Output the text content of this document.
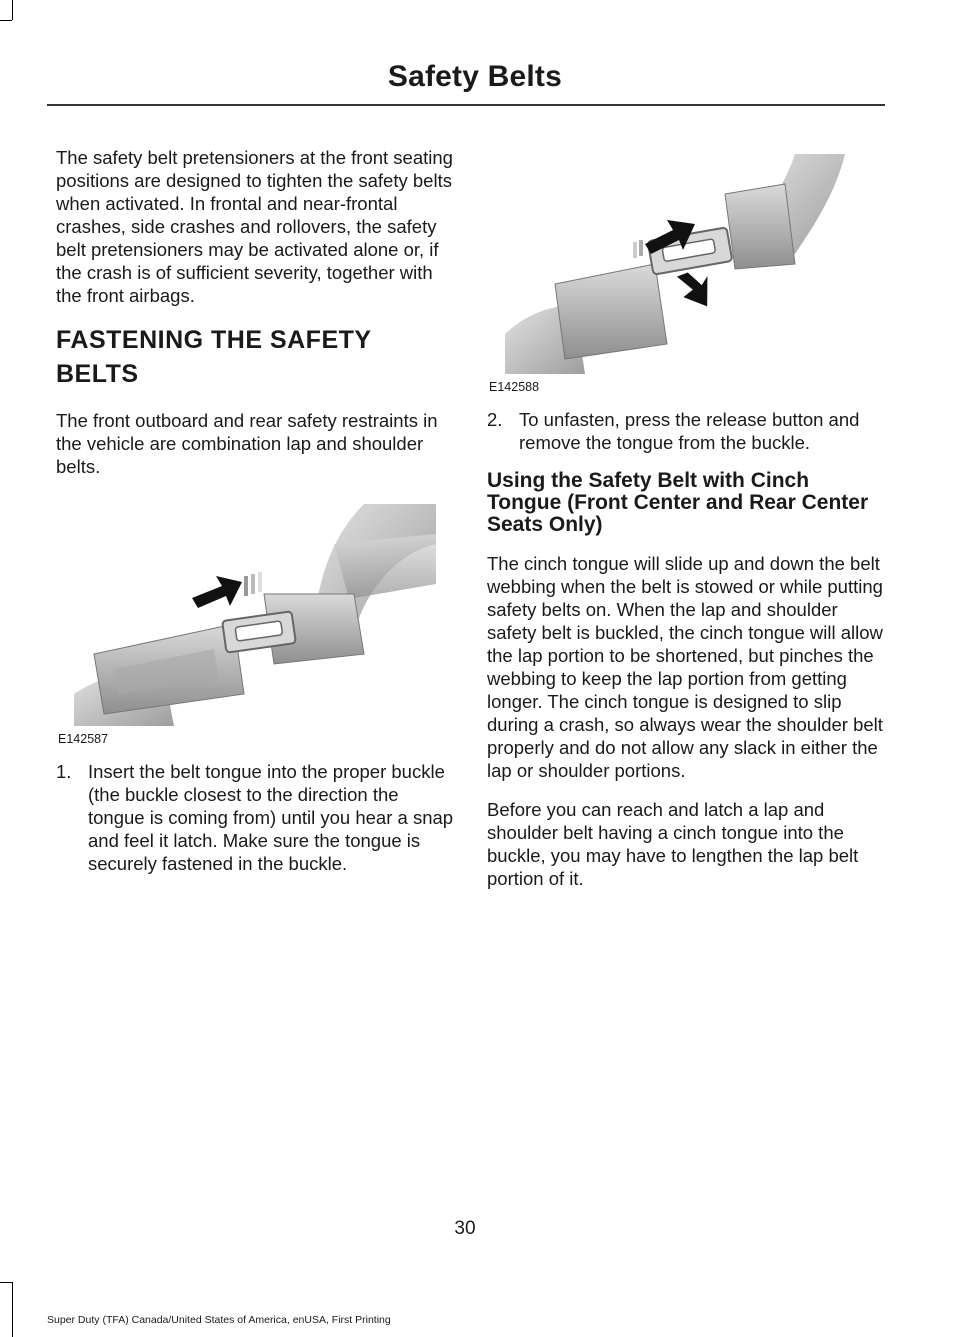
Safety Belts

The safety belt pretensioners at the front seating positions are designed to tighten the safety belts when activated. In frontal and near-frontal crashes, side crashes and rollovers, the safety belt pretensioners may be activated alone or, if the crash is of sufficient severity, together with the front airbags.

FASTENING THE SAFETY
BELTS

The front outboard and rear safety restraints in the vehicle are combination lap and shoulder belts.

E142587
1. Insert the belt tongue into the proper buckle (the buckle closest to the direction the tongue is coming from) until you hear a snap and feel it latch. Make sure the tongue is securely fastened in the buckle.
E142588
2. To unfasten, press the release button and remove the tongue from the buckle.
Using the Safety Belt with Cinch Tongue (Front Center and Rear Center Seats Only)

The cinch tongue will slide up and down the belt webbing when the belt is stowed or while putting safety belts on. When the lap and shoulder safety belt is buckled, the cinch tongue will allow the lap portion to be shortened, but pinches the webbing to keep the lap portion from getting longer. The cinch tongue is designed to slip during a crash, so always wear the shoulder belt properly and do not allow any slack in either the lap or shoulder portions.

Before you can reach and latch a lap and shoulder belt having a cinch tongue into the buckle, you may have to lengthen the lap belt portion of it.

30
Super Duty (TFA) Canada/United States of America, enUSA, First Printing
